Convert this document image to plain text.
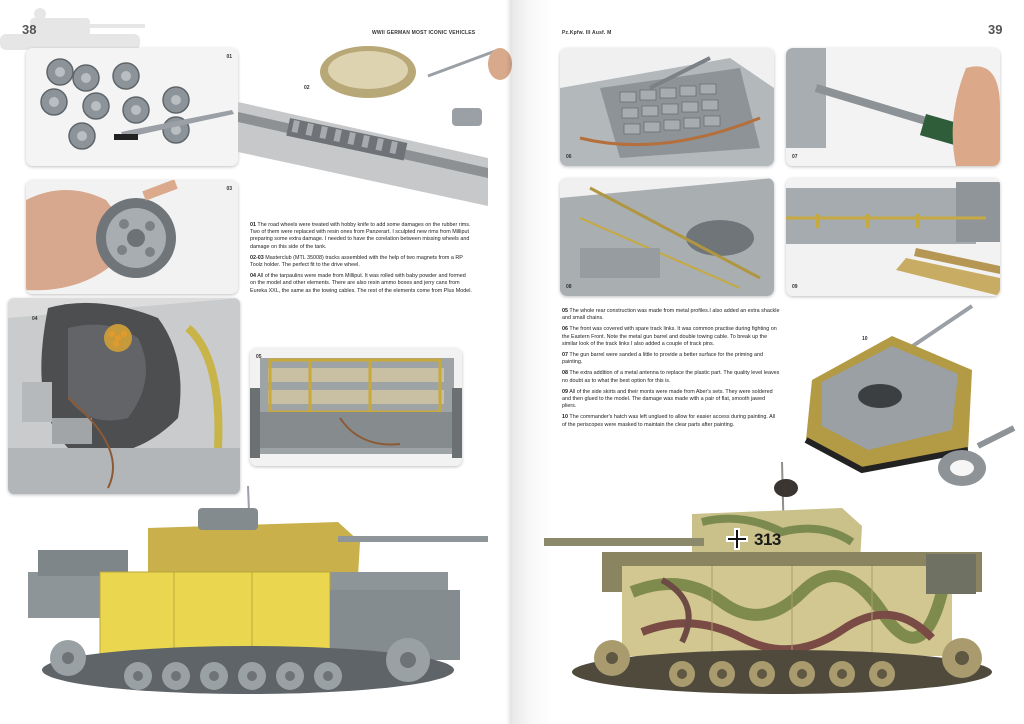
38	WWII GERMAN MOST ICONIC VEHICLES
01
02
03
04
05

01 The road wheels were treated with hobby knife to add some damages on the rubber rims. Two of them were replaced with resin ones from Panzerart. I sculpted new rims from Milliput preparing some extra damage. I needed to have the corelation between missing wheels and damage on this side of the tank.

02-03 Masterclub (MTL 35008) tracks assembled with the help of two magnets from a RP Toolz holder. The perfect fit to the drive wheel.

04 All of the tarpaulins were made from Milliput. It was rolled with baby powder and formed on the model and other elements. There are also resin ammo boxes and jerry cans from Eureka XXL, the same as the towing cables. The rest of the elements come from Plus Model.

Pz.Kpfw. III Ausf. M	39
06	07
08	09
10

05 The whole rear construction was made from metal profiles.I also added an extra shackle and small chains.

06 The front was covered with spare track links. It was common practise during fighting on the Eastern Front. Note the metal gun barrel and double towing cable. To break up the similar look of the track links I also added a couple of track pins.

07 The gun barrel were sanded a little to provide a better surface for the priming and painting.

08 The extra addition of a metal antenna to replace the plastic part. The quality level leaves no doubt as to what the best option for this is.

09 All of the side skirts and their monts were made from Aber's sets. They were soldered and then glued to the model. The damage was made with a pair of flat, smooth jawed pliers.

10 The commander's hatch was left unglued to allow for easier access during painting. All of the periscopes were masked to maintain the clear parts after painting.

313
